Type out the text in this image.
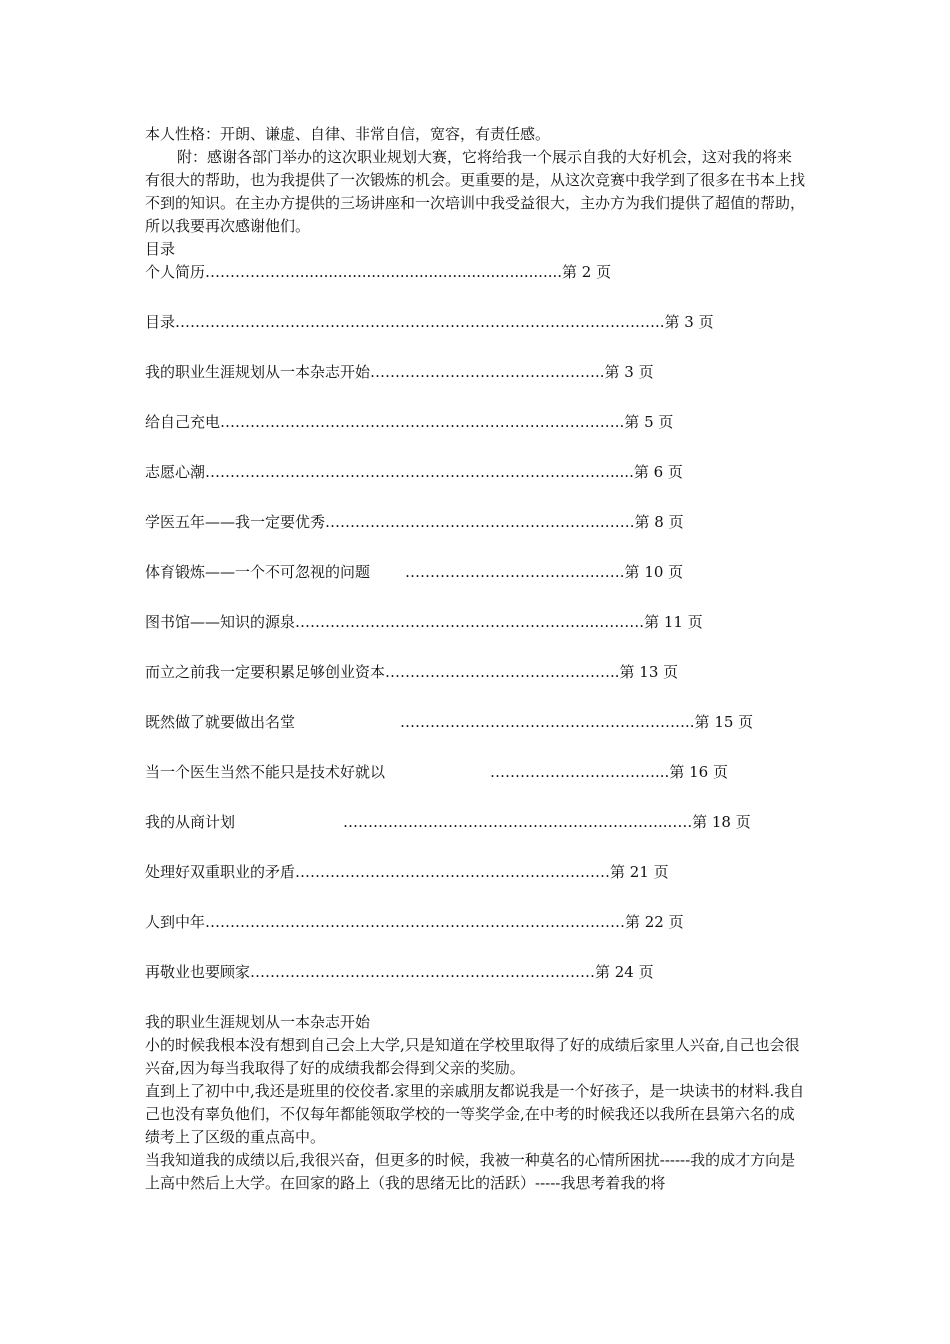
本人性格：开朗、谦虚、自律、非常自信，宽容，有责任感。

附：感谢各部门举办的这次职业规划大赛，它将给我一个展示自我的大好机会，这对我的将来有很大的帮助，也为我提供了一次锻炼的机会。更重要的是，从这次竞赛中我学到了很多在书本上找不到的知识。在主办方提供的三场讲座和一次培训中我受益很大，主办方为我们提供了超值的帮助，所以我要再次感谢他们。

目录

个人简历………………........................................................第 2 页
目录……………………………………………………………………………………..第 3 页
我的职业生涯规划从一本杂志开始………………………………………..第 3 页
给自己充电…………………………………………….………………………..第 5 页
志愿心潮……………………………………………………………………….....第 6 页
学医五年——我一定要优秀……………………………………………….…….第 8 页
体育锻炼——一个不可忽视的问题 ……………………………….…….第 10 页
图书馆——知识的源泉…………………………………………………...……….第 11 页
而立之前我一定要积累足够创业资本………………………………………..第 13 页
既然做了就要做出名堂	…………………………………………………..第 15 页
当一个医生当然不能只是技术好就以	……………………………...第 16 页
我的从商计划	………………………………………………………...….第 18 页
处理好双重职业的矛盾………………………………………………………第 21 页
人到中年…………………………………………………………………………第 22 页
再敬业也要顾家……………………………………………………………第 24 页

我的职业生涯规划从一本杂志开始

小的时候我根本没有想到自己会上大学,只是知道在学校里取得了好的成绩后家里人兴奋,自己也会很兴奋,因为每当我取得了好的成绩我都会得到父亲的奖励。

直到上了初中中,我还是班里的佼佼者.家里的亲戚朋友都说我是一个好孩子，是一块读书的材料.我自己也没有辜负他们，不仅每年都能领取学校的一等奖学金,在中考的时候我还以我所在县第六名的成绩考上了区级的重点高中。

当我知道我的成绩以后,我很兴奋，但更多的时候，我被一种莫名的心情所困扰------我的成才方向是上高中然后上大学。在回家的路上（我的思绪无比的活跃）-----我思考着我的将
